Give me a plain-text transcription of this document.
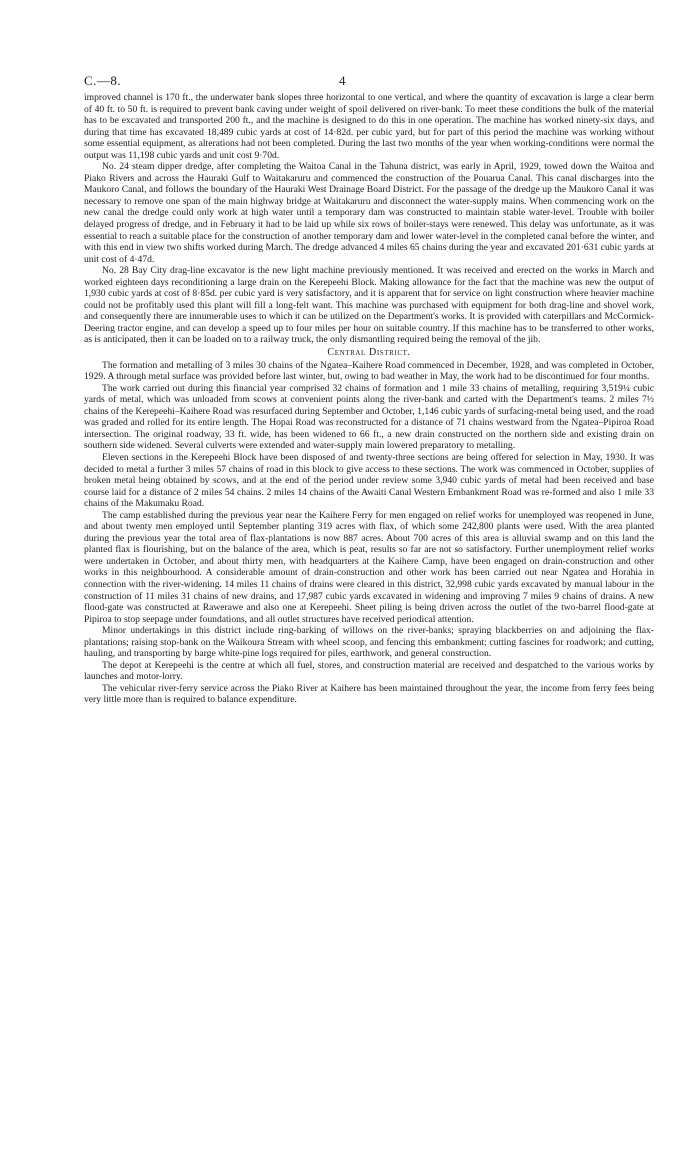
C.—8.	4

improved channel is 170 ft., the underwater bank slopes three horizontal to one vertical, and where the quantity of excavation is large a clear berm of 40 ft. to 50 ft. is required to prevent bank caving under weight of spoil delivered on river-bank. To meet these conditions the bulk of the material has to be excavated and transported 200 ft., and the machine is designed to do this in one operation. The machine has worked ninety-six days, and during that time has excavated 18,489 cubic yards at cost of 14·82d. per cubic yard, but for part of this period the machine was working without some essential equipment, as alterations had not been completed. During the last two months of the year when working-conditions were normal the output was 11,198 cubic yards and unit cost 9·70d.

No. 24 steam dipper dredge, after completing the Waitoa Canal in the Tahuna district, was early in April, 1929, towed down the Waitoa and Piako Rivers and across the Hauraki Gulf to Waitakaruru and commenced the construction of the Pouarua Canal. This canal discharges into the Maukoro Canal, and follows the boundary of the Hauraki West Drainage Board District. For the passage of the dredge up the Maukoro Canal it was necessary to remove one span of the main highway bridge at Waitakaruru and disconnect the water-supply mains. When commencing work on the new canal the dredge could only work at high water until a temporary dam was constructed to maintain stable water-level. Trouble with boiler delayed progress of dredge, and in February it had to be laid up while six rows of boiler-stays were renewed. This delay was unfortunate, as it was essential to reach a suitable place for the construction of another temporary dam and lower water-level in the completed canal before the winter, and with this end in view two shifts worked during March. The dredge advanced 4 miles 65 chains during the year and excavated 201·631 cubic yards at unit cost of 4·47d.

No. 28 Bay City drag-line excavator is the new light machine previously mentioned. It was received and erected on the works in March and worked eighteen days reconditioning a large drain on the Kerepeehi Block. Making allowance for the fact that the machine was new the output of 1,930 cubic yards at cost of 8·85d. per cubic yard is very satisfactory, and it is apparent that for service on light construction where heavier machine could not be profitably used this plant will fill a long-felt want. This machine was purchased with equipment for both drag-line and shovel work, and consequently there are innumerable uses to which it can be utilized on the Department's works. It is provided with caterpillars and McCormick-Deering tractor engine, and can develop a speed up to four miles per hour on suitable country. If this machine has to be transferred to other works, as is anticipated, then it can be loaded on to a railway truck, the only dismantling required being the removal of the jib.

Central District.

The formation and metalling of 3 miles 30 chains of the Ngatea–Kaihere Road commenced in December, 1928, and was completed in October, 1929. A through metal surface was provided before last winter, but, owing to bad weather in May, the work had to be discontinued for four months.

The work carried out during this financial year comprised 32 chains of formation and 1 mile 33 chains of metalling, requiring 3,519¼ cubic yards of metal, which was unloaded from scows at convenient points along the river-bank and carted with the Department's teams. 2 miles 7½ chains of the Kerepeehi–Kaihere Road was resurfaced during September and October, 1,146 cubic yards of surfacing-metal being used, and the road was graded and rolled for its entire length. The Hopai Road was reconstructed for a distance of 71 chains westward from the Ngatea–Pipiroa Road intersection. The original roadway, 33 ft. wide, has been widened to 66 ft., a new drain constructed on the northern side and existing drain on southern side widened. Several culverts were extended and water-supply main lowered preparatory to metalling.

Eleven sections in the Kerepeehi Block have been disposed of and twenty-three sections are being offered for selection in May, 1930. It was decided to metal a further 3 miles 57 chains of road in this block to give access to these sections. The work was commenced in October, supplies of broken metal being obtained by scows, and at the end of the period under review some 3,940 cubic yards of metal had been received and base course laid for a distance of 2 miles 54 chains. 2 miles 14 chains of the Awaiti Canal Western Embankment Road was re-formed and also 1 mile 33 chains of the Makumaku Road.

The camp established during the previous year near the Kaihere Ferry for men engaged on relief works for unemployed was reopened in June, and about twenty men employed until September planting 319 acres with flax, of which some 242,800 plants were used. With the area planted during the previous year the total area of flax-plantations is now 887 acres. About 700 acres of this area is alluvial swamp and on this land the planted flax is flourishing, but on the balance of the area, which is peat, results so far are not so satisfactory. Further unemployment relief works were undertaken in October, and about thirty men, with headquarters at the Kaihere Camp, have been engaged on drain-construction and other works in this neighbourhood. A considerable amount of drain-construction and other work has been carried out near Ngatea and Horahia in connection with the river-widening. 14 miles 11 chains of drains were cleared in this district, 32,998 cubic yards excavated by manual labour in the construction of 11 miles 31 chains of new drains, and 17,987 cubic yards excavated in widening and improving 7 miles 9 chains of drains. A new flood-gate was constructed at Rawerawe and also one at Kerepeehi. Sheet piling is being driven across the outlet of the two-barrel flood-gate at Pipiroa to stop seepage under foundations, and all outlet structures have received periodical attention.

Minor undertakings in this district include ring-barking of willows on the river-banks; spraying blackberries on and adjoining the flax-plantations; raising stop-bank on the Waikoura Stream with wheel scoop, and fencing this embankment; cutting fascines for roadwork; and cutting, hauling, and transporting by barge white-pine logs required for piles, earthwork, and general construction.

The depot at Kerepeehi is the centre at which all fuel, stores, and construction material are received and despatched to the various works by launches and motor-lorry.

The vehicular river-ferry service across the Piako River at Kaihere has been maintained throughout the year, the income from ferry fees being very little more than is required to balance expenditure.
